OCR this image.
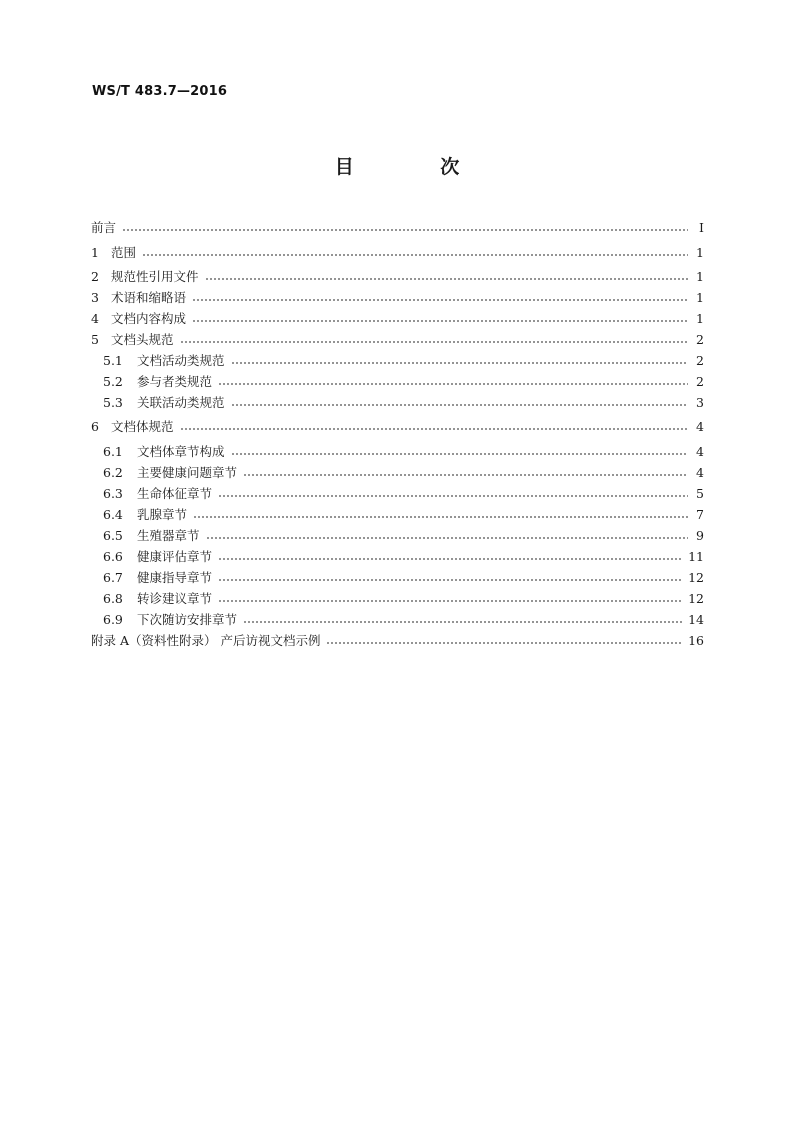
WS/T 483.7—2016
目 次
前言	Ⅰ
1 范围	1
2 规范性引用文件	1
3 术语和缩略语	1
4 文档内容构成	1
5 文档头规范	2
5.1	文档活动类规范	2
5.2	参与者类规范	2
5.3	关联活动类规范	3
6 文档体规范	4
6.1	文档体章节构成	4
6.2	主要健康问题章节	4
6.3	生命体征章节	5
6.4	乳腺章节	7
6.5	生殖器章节	9
6.6	健康评估章节	11
6.7	健康指导章节	12
6.8	转诊建议章节	12
6.9	下次随访安排章节	14
附录 A（资料性附录） 产后访视文档示例	16
